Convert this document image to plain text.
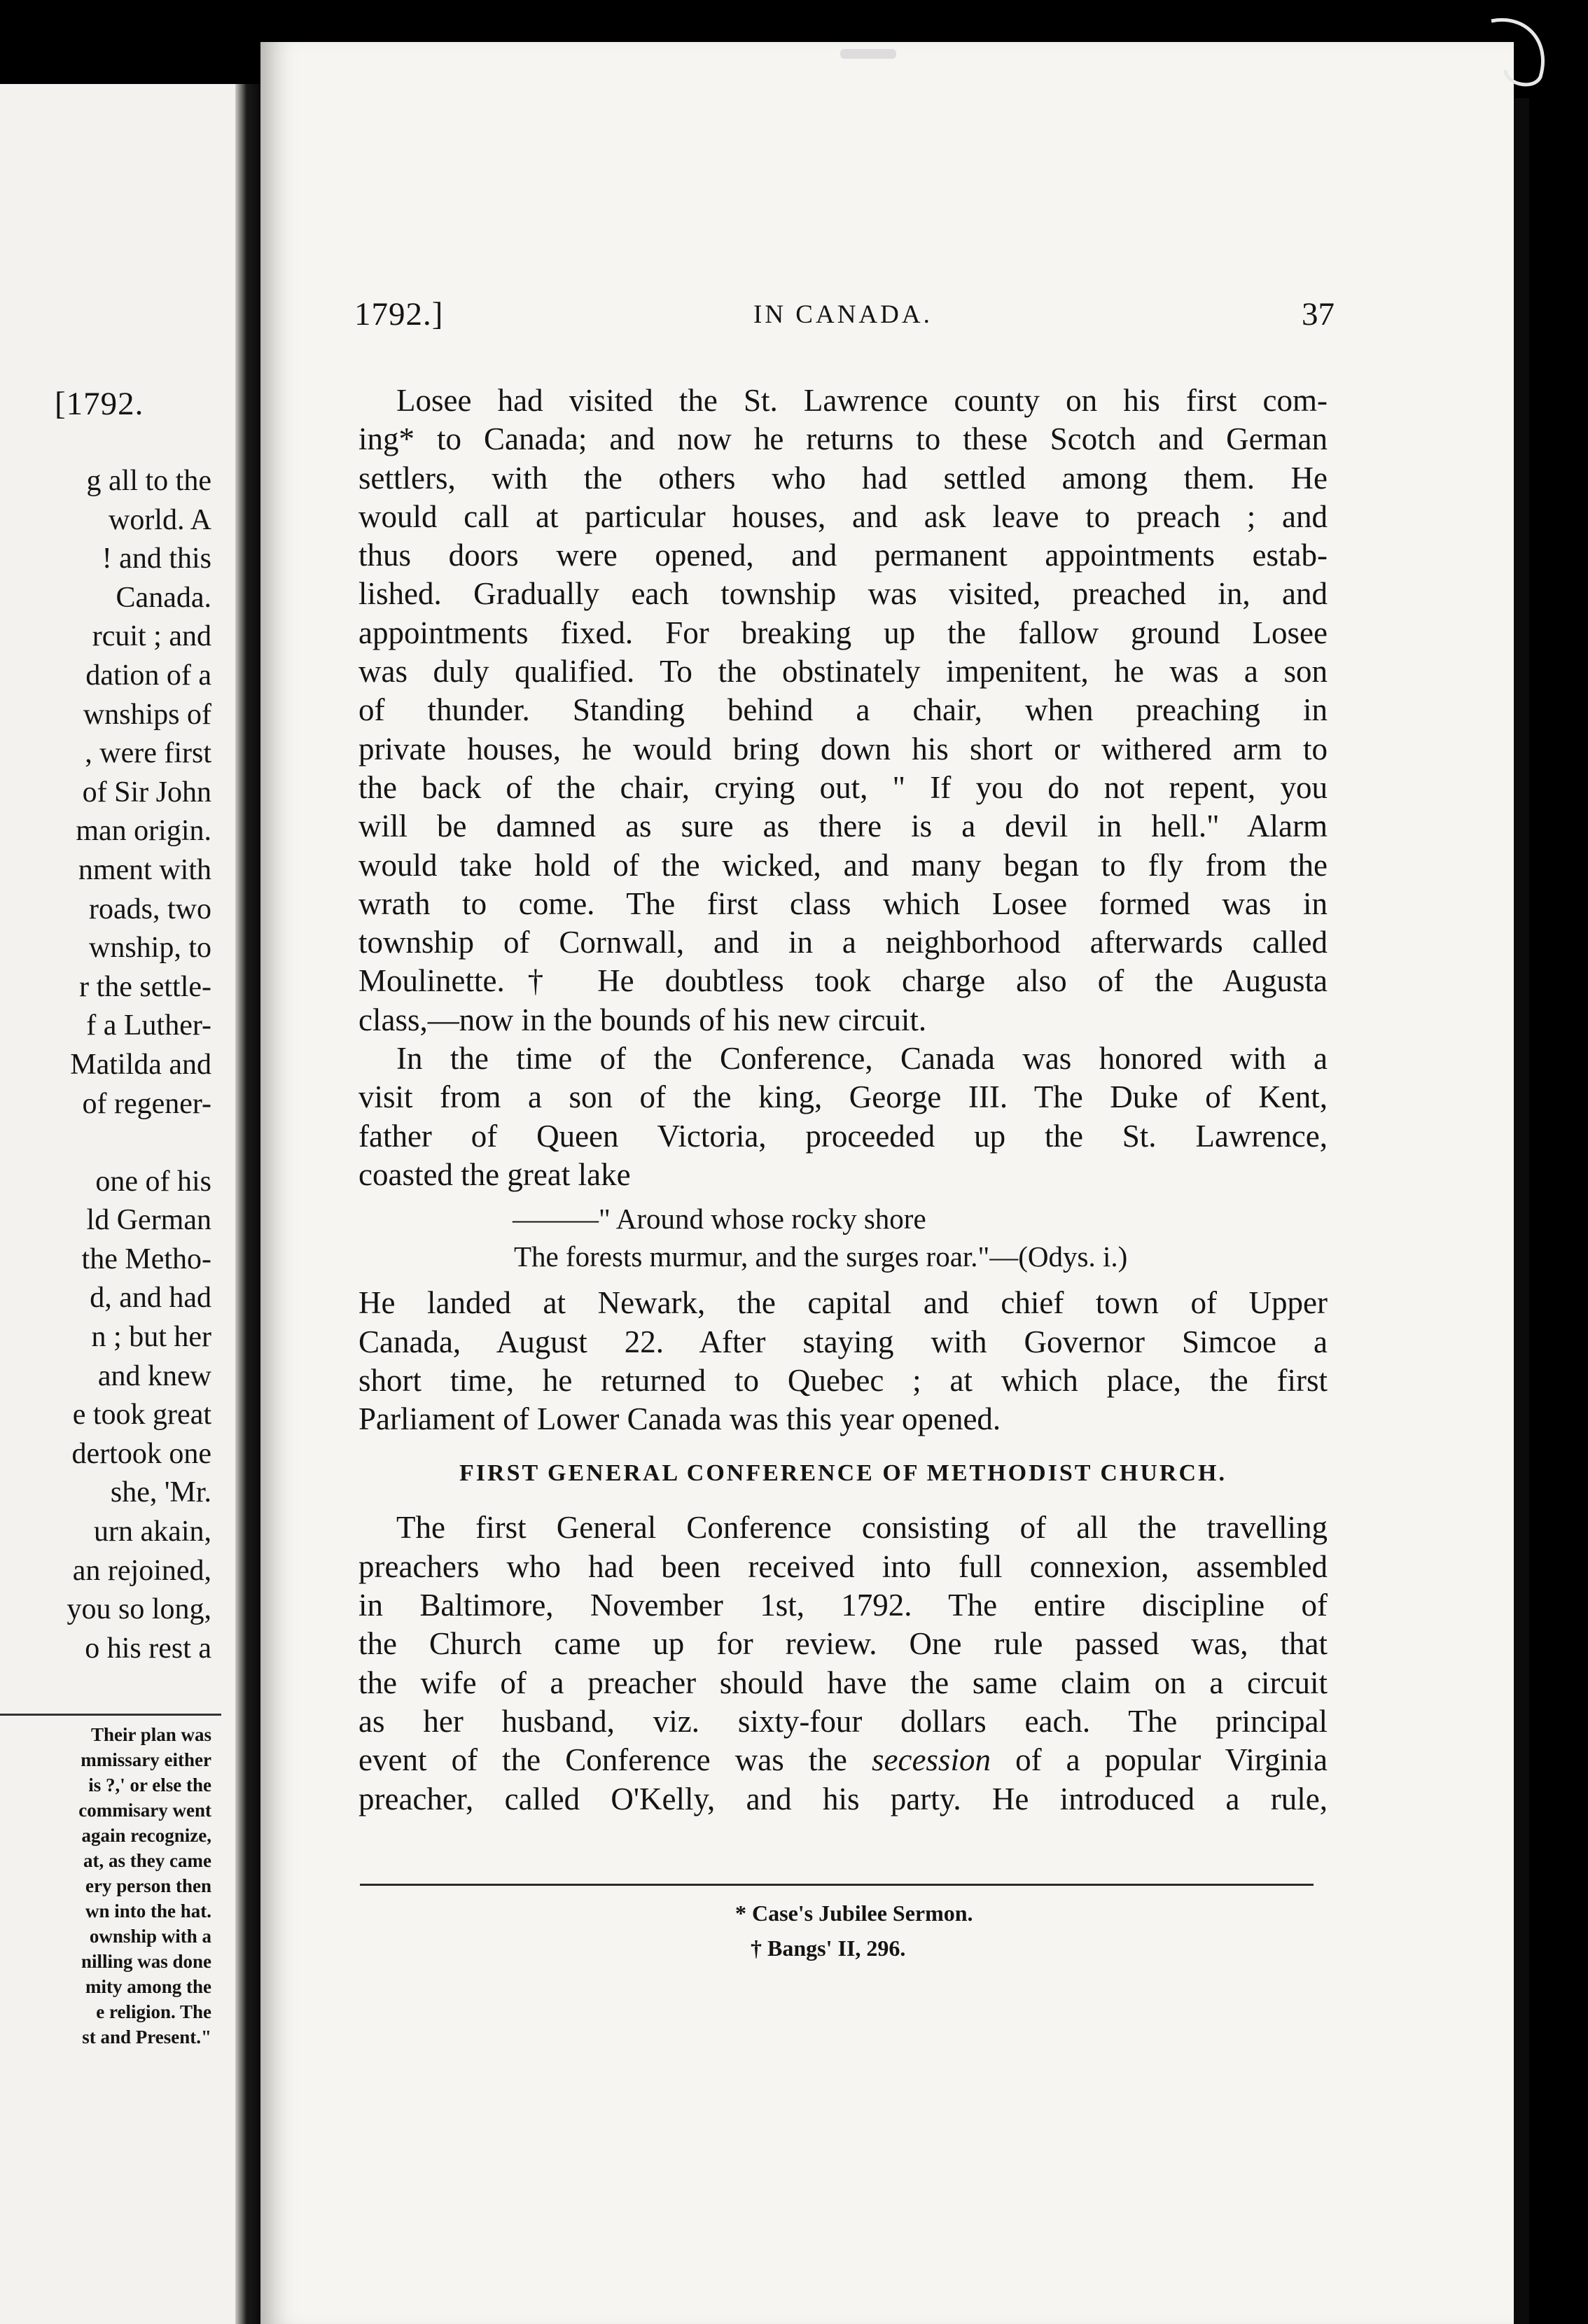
[1792.
g all to the
world. A
! and this
Canada.
rcuit ; and
dation of a
wnships of
, were first
of Sir John
man origin.
nment with
roads, two
wnship, to
r the settle-
f a Luther-
Matilda and
of regener-
one of his
ld German
the Metho-
d, and had
n ; but her
and knew
e took great
dertook one
she, 'Mr.
urn akain,
an rejoined,
you so long,
o his rest a
Their plan was
mmissary either
is ?,' or else the
commisary went
again recognize,
at, as they came
ery person then
wn into the hat.
ownship with a
nilling was done
mity among the
e religion. The
st and Present."
1792.]	IN CANADA.	37
Losee had visited the St. Lawrence county on his first com-
ing* to Canada; and now he returns to these Scotch and German
settlers, with the others who had settled among them. He
would call at particular houses, and ask leave to preach ; and
thus doors were opened, and permanent appointments estab-
lished. Gradually each township was visited, preached in, and
appointments fixed. For breaking up the fallow ground Losee
was duly qualified. To the obstinately impenitent, he was a son
of thunder. Standing behind a chair, when preaching in
private houses, he would bring down his short or withered arm to
the back of the chair, crying out, " If you do not repent, you
will be damned as sure as there is a devil in hell." Alarm
would take hold of the wicked, and many began to fly from the
wrath to come. The first class which Losee formed was in
township of Cornwall, and in a neighborhood afterwards called
Moulinette.† He doubtless took charge also of the Augusta
class,—now in the bounds of his new circuit.
In the time of the Conference, Canada was honored with a
visit from a son of the king, George III. The Duke of Kent,
father of Queen Victoria, proceeded up the St. Lawrence,
coasted the great lake
———" Around whose rocky shore
The forests murmur, and the surges roar."—(Odys. i.)
He landed at Newark, the capital and chief town of Upper
Canada, August 22. After staying with Governor Simcoe a
short time, he returned to Quebec ; at which place, the first
Parliament of Lower Canada was this year opened.
FIRST GENERAL CONFERENCE OF METHODIST CHURCH.
The first General Conference consisting of all the travelling
preachers who had been received into full connexion, assembled
in Baltimore, November 1st, 1792. The entire discipline of
the Church came up for review. One rule passed was, that
the wife of a preacher should have the same claim on a circuit
as her husband, viz. sixty-four dollars each. The principal
event of the Conference was the secession of a popular Virginia
preacher, called O'Kelly, and his party. He introduced a rule,
* Case's Jubilee Sermon.
† Bangs' II, 296.
